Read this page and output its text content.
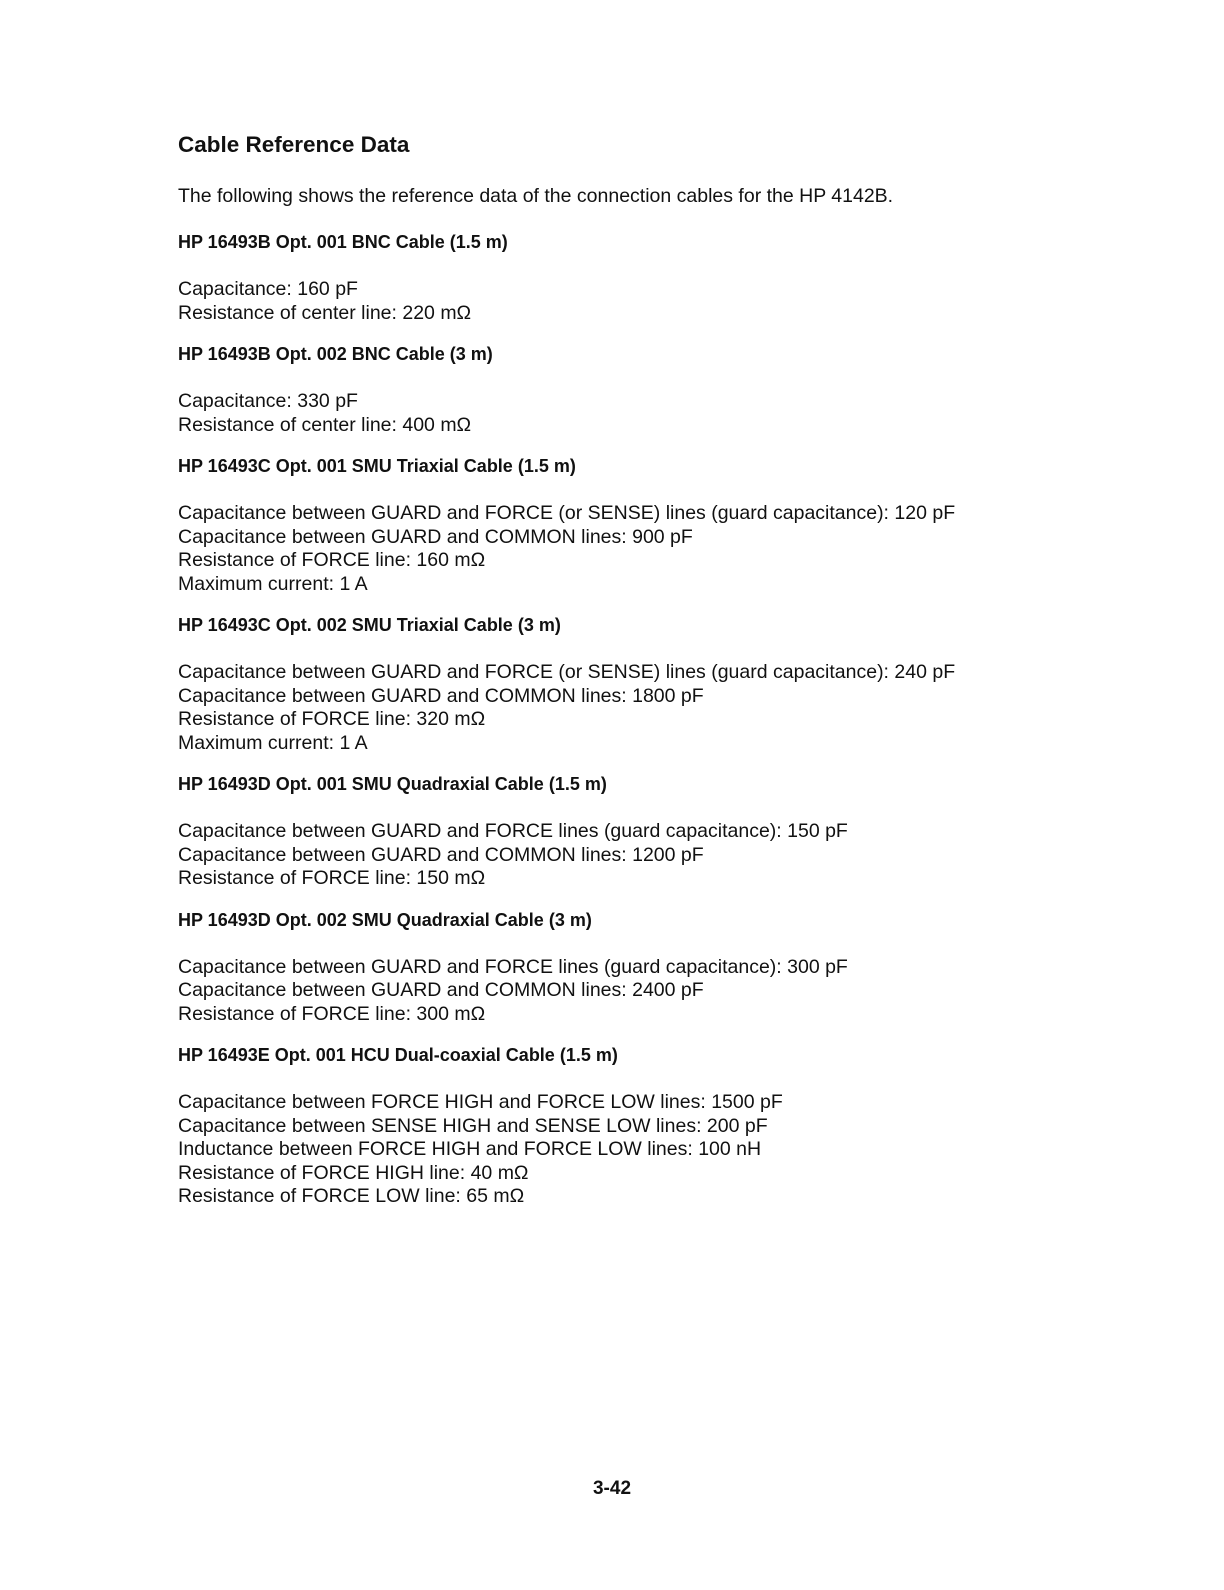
Cable Reference Data

The following shows the reference data of the connection cables for the HP 4142B.

HP 16493B Opt. 001 BNC Cable (1.5 m)
Capacitance: 160 pF
Resistance of center line: 220 mΩ
HP 16493B Opt. 002 BNC Cable (3 m)
Capacitance: 330 pF
Resistance of center line: 400 mΩ
HP 16493C Opt. 001 SMU Triaxial Cable (1.5 m)
Capacitance between GUARD and FORCE (or SENSE) lines (guard capacitance): 120 pF
Capacitance between GUARD and COMMON lines: 900 pF
Resistance of FORCE line: 160 mΩ
Maximum current: 1 A
HP 16493C Opt. 002 SMU Triaxial Cable (3 m)
Capacitance between GUARD and FORCE (or SENSE) lines (guard capacitance): 240 pF
Capacitance between GUARD and COMMON lines: 1800 pF
Resistance of FORCE line: 320 mΩ
Maximum current: 1 A
HP 16493D Opt. 001 SMU Quadraxial Cable (1.5 m)
Capacitance between GUARD and FORCE lines (guard capacitance): 150 pF
Capacitance between GUARD and COMMON lines: 1200 pF
Resistance of FORCE line: 150 mΩ
HP 16493D Opt. 002 SMU Quadraxial Cable (3 m)
Capacitance between GUARD and FORCE lines (guard capacitance): 300 pF
Capacitance between GUARD and COMMON lines: 2400 pF
Resistance of FORCE line: 300 mΩ
HP 16493E Opt. 001 HCU Dual-coaxial Cable (1.5 m)
Capacitance between FORCE HIGH and FORCE LOW lines: 1500 pF
Capacitance between SENSE HIGH and SENSE LOW lines: 200 pF
Inductance between FORCE HIGH and FORCE LOW lines: 100 nH
Resistance of FORCE HIGH line: 40 mΩ
Resistance of FORCE LOW line: 65 mΩ
3-42
